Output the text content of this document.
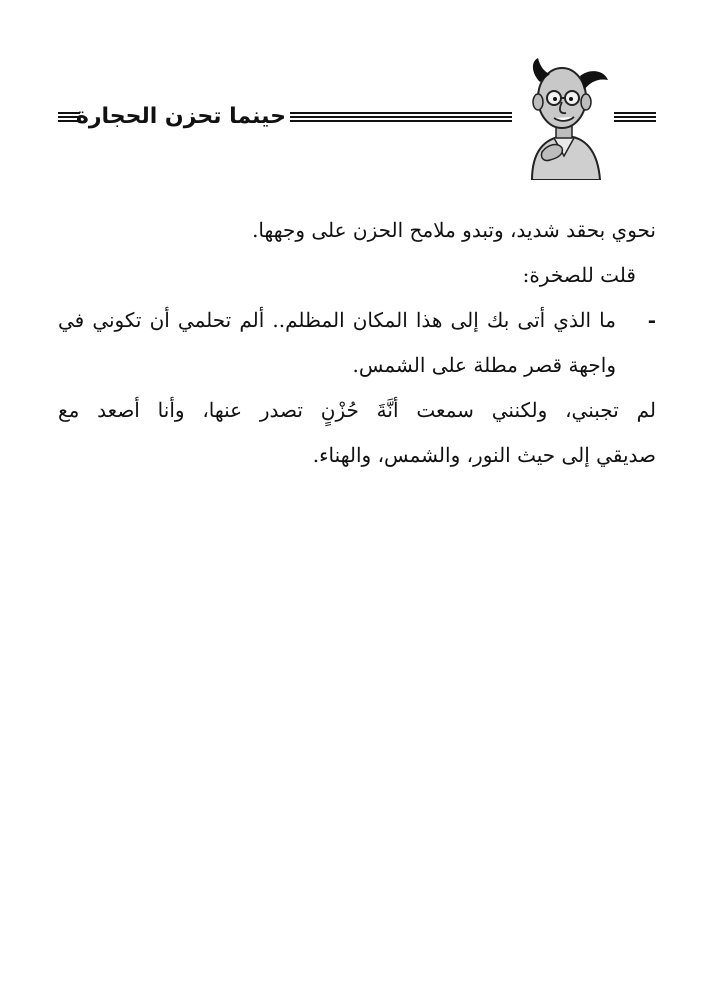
حينما تحزن الحجارة

نحوي بحقد شديد، وتبدو ملامح الحزن على وجهها.

قلت للصخرة:

-

ما الذي أتى بك إلى هذا المكان المظلم.. ألم تحلمي أن تكوني في

واجهة قصر مطلة على الشمس.

لم تجبني، ولكنني سمعت أنَّةَ حُزْنٍ تصدر عنها، وأنا أصعد مع

صديقي إلى حيث النور، والشمس، والهناء.
